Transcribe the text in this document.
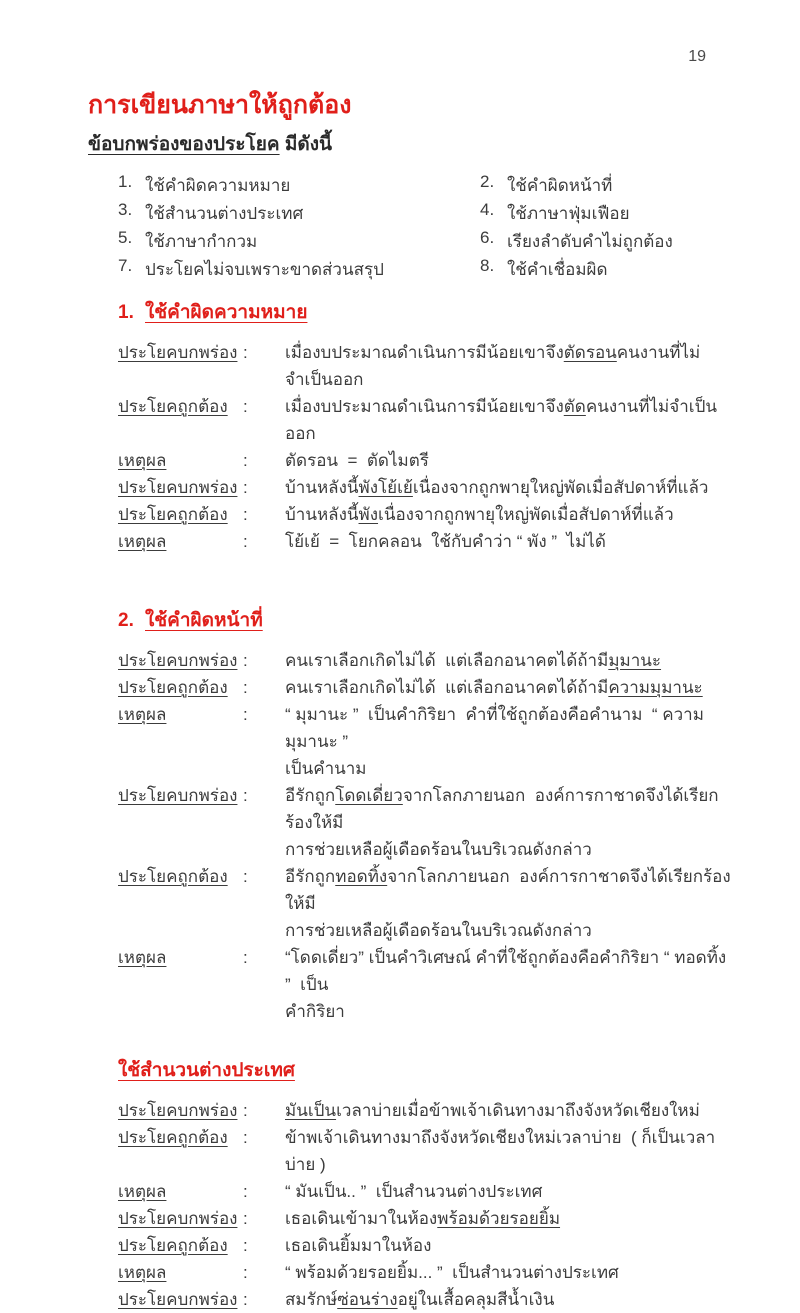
19
การเขียนภาษาให้ถูกต้อง
ข้อบกพร่องของประโยค มีดังนี้
1. ใช้คำผิดความหมาย	2. ใช้คำผิดหน้าที่
3. ใช้สำนวนต่างประเทศ	4. ใช้ภาษาฟุ่มเฟือย
5. ใช้ภาษากำกวม	6. เรียงลำดับคำไม่ถูกต้อง
7. ประโยคไม่จบเพราะขาดส่วนสรุป	8. ใช้คำเชื่อมผิด
1. ใช้คำผิดความหมาย
ประโยคบกพร่อง :	เมื่องบประมาณดำเนินการมีน้อยเขาจึงตัดรอนคนงานที่ไม่จำเป็นออก
ประโยคถูกต้อง :	เมื่องบประมาณดำเนินการมีน้อยเขาจึงตัดคนงานที่ไม่จำเป็นออก
เหตุผล	:	ตัดรอน  =  ตัดไมตรี
ประโยคบกพร่อง :	บ้านหลังนี้พังโย้เย้เนื่องจากถูกพายุใหญ่พัดเมื่อสัปดาห์ที่แล้ว
ประโยคถูกต้อง :	บ้านหลังนี้พังเนื่องจากถูกพายุใหญ่พัดเมื่อสัปดาห์ที่แล้ว
เหตุผล	:	โย้เย้  =  โยกคลอน  ใช้กับคำว่า “ พัง ”  ไม่ได้
2. ใช้คำผิดหน้าที่
ประโยคบกพร่อง :	คนเราเลือกเกิดไม่ได้  แต่เลือกอนาคตได้ถ้ามีมุมานะ
ประโยคถูกต้อง :	คนเราเลือกเกิดไม่ได้  แต่เลือกอนาคตได้ถ้ามีความมุมานะ
เหตุผล	:	“ มุมานะ ”  เป็นคำกิริยา  คำที่ใช้ถูกต้องคือคำนาม  “ ความมุมานะ ”
เป็นคำนาม
ประโยคบกพร่อง :	อีรักถูกโดดเดี่ยวจากโลกภายนอก  องค์การกาชาดจึงได้เรียกร้องให้มี
การช่วยเหลือผู้เดือดร้อนในบริเวณดังกล่าว
ประโยคถูกต้อง :	อีรักถูกทอดทิ้งจากโลกภายนอก  องค์การกาชาดจึงได้เรียกร้องให้มี
การช่วยเหลือผู้เดือดร้อนในบริเวณดังกล่าว
เหตุผล	:	“โดดเดี่ยว” เป็นคำวิเศษณ์ คำที่ใช้ถูกต้องคือคำกิริยา “ ทอดทิ้ง ”  เป็น
คำกิริยา
ใช้สำนวนต่างประเทศ
ประโยคบกพร่อง :	มันเป็นเวลาบ่ายเมื่อข้าพเจ้าเดินทางมาถึงจังหวัดเชียงใหม่
ประโยคถูกต้อง :	ข้าพเจ้าเดินทางมาถึงจังหวัดเชียงใหม่เวลาบ่าย  ( ก็เป็นเวลาบ่าย )
เหตุผล	:	“ มันเป็น.. ”  เป็นสำนวนต่างประเทศ
ประโยคบกพร่อง :	เธอเดินเข้ามาในห้องพร้อมด้วยรอยยิ้ม
ประโยคถูกต้อง :	เธอเดินยิ้มมาในห้อง
เหตุผล	:	“ พร้อมด้วยรอยยิ้ม... ”  เป็นสำนวนต่างประเทศ
ประโยคบกพร่อง :	สมรักษ์ซ่อนร่างอยู่ในเสื้อคลุมสีน้ำเงิน
